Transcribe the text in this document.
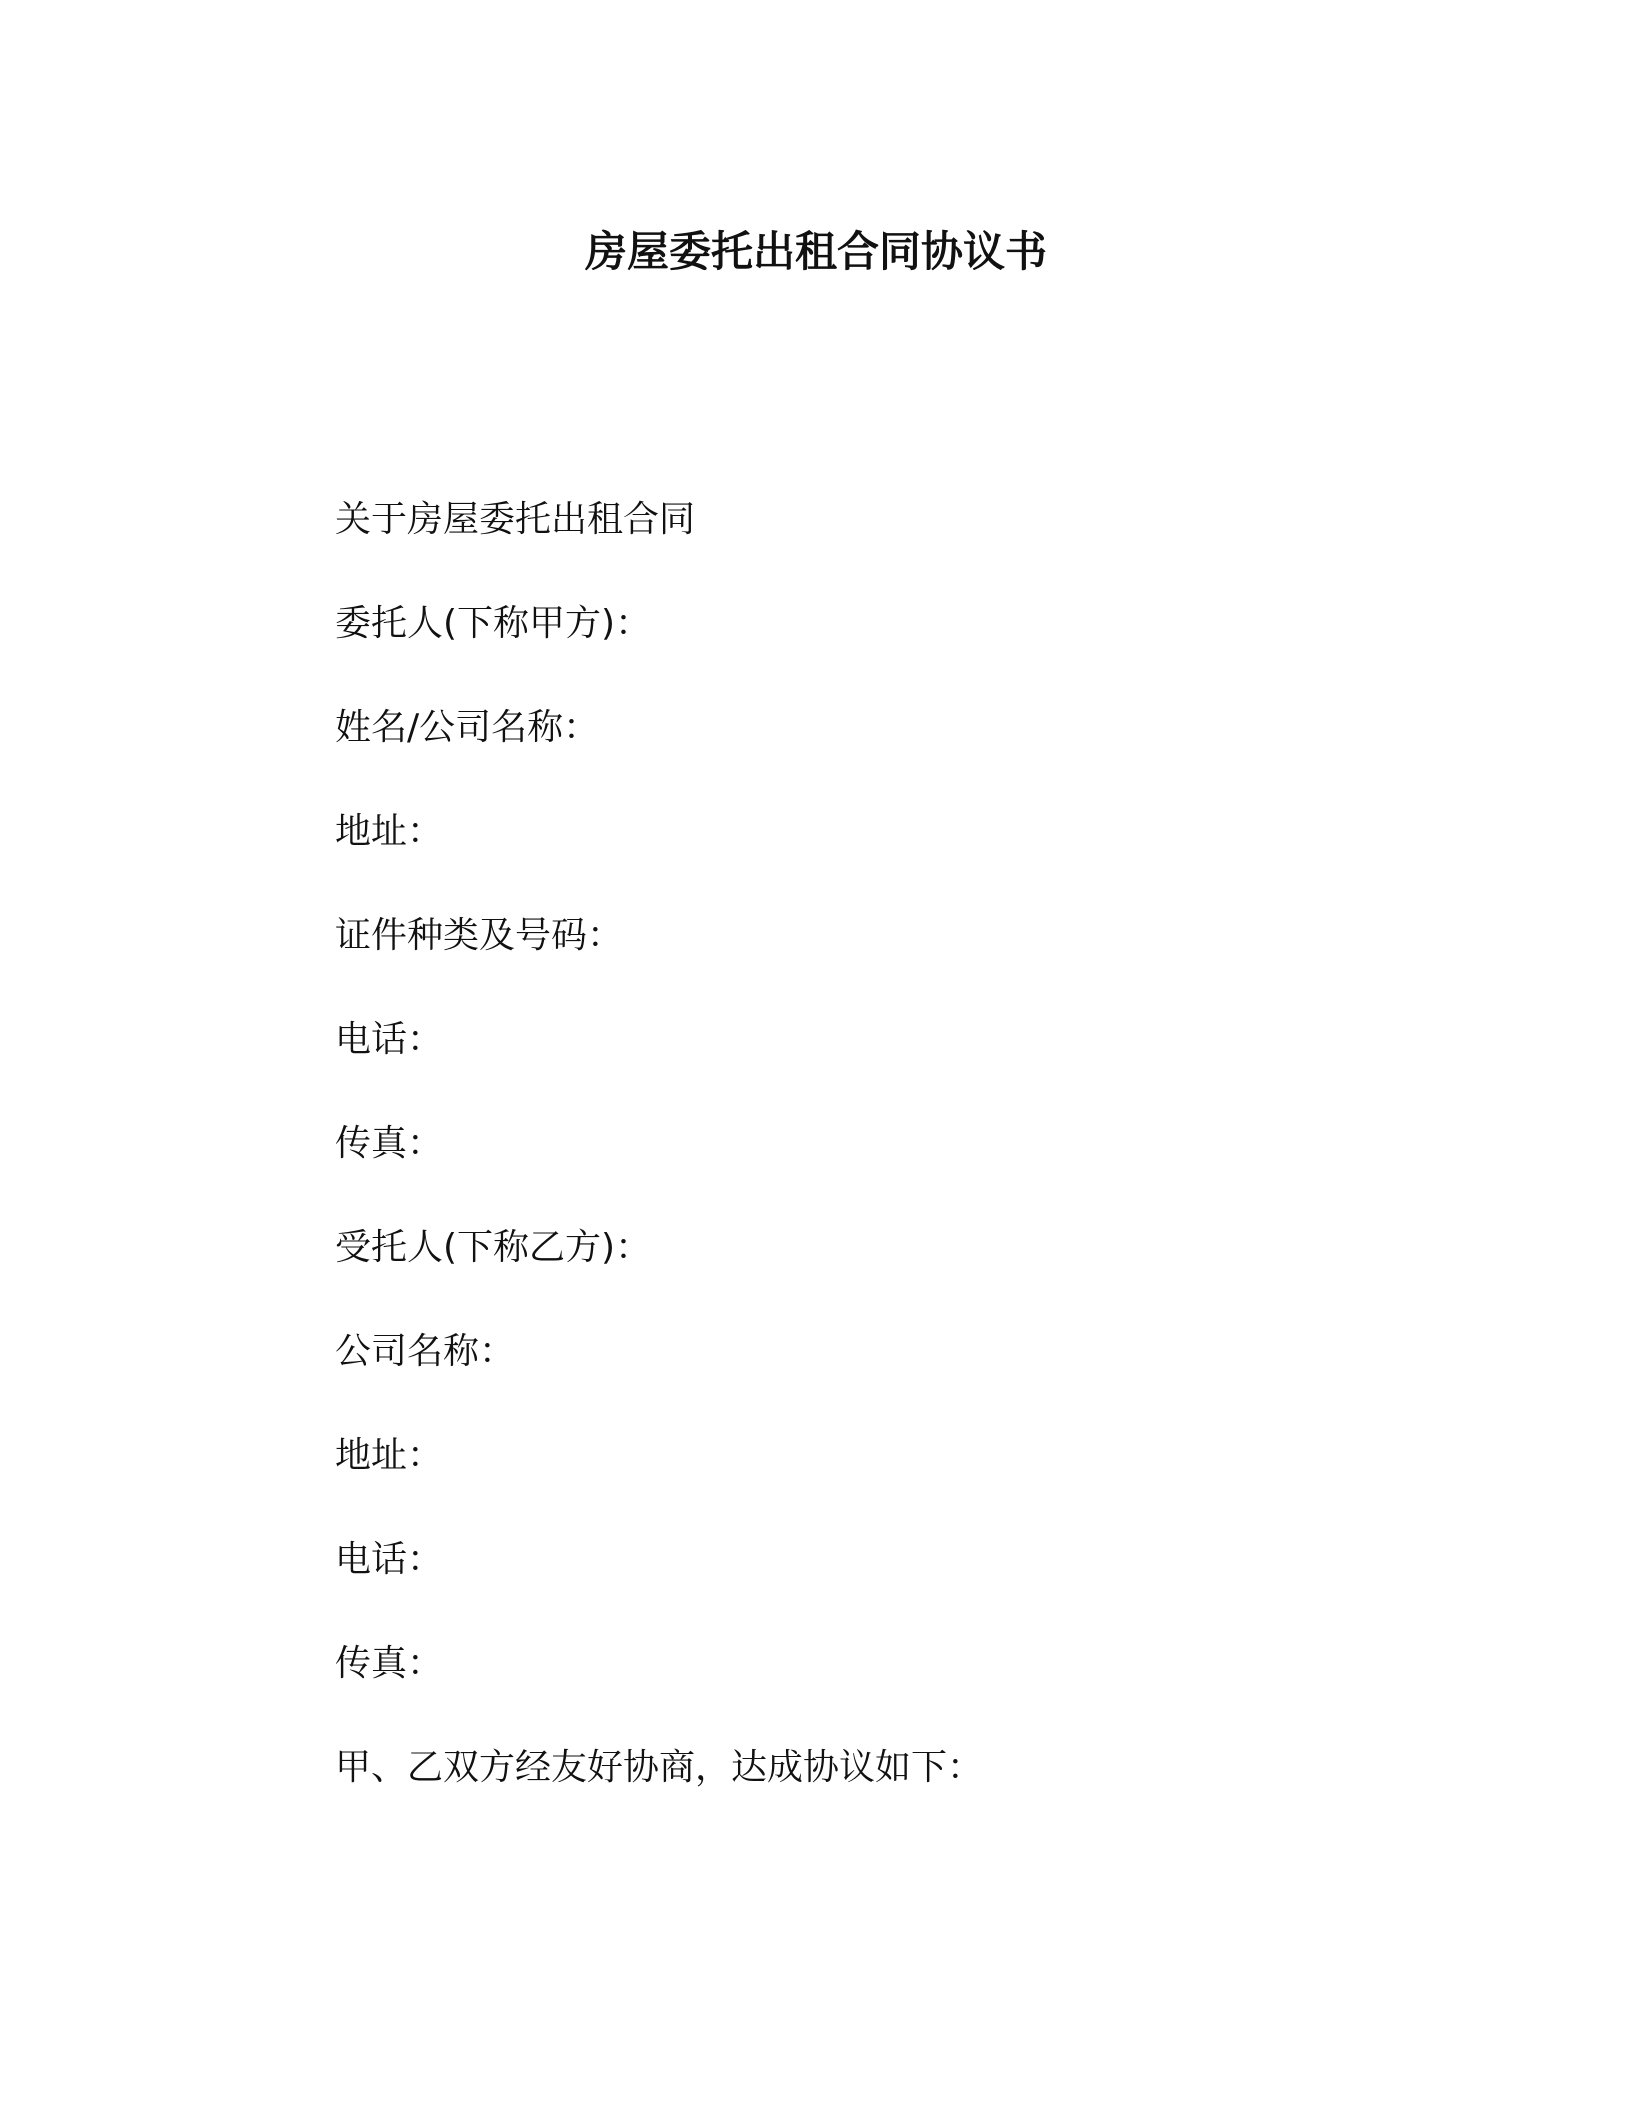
房屋委托出租合同协议书
关于房屋委托出租合同
委托人(下称甲方)：
姓名/公司名称：
地址：
证件种类及号码：
电话：
传真：
受托人(下称乙方)：
公司名称：
地址：
电话：
传真：
甲、乙双方经友好协商，达成协议如下：
